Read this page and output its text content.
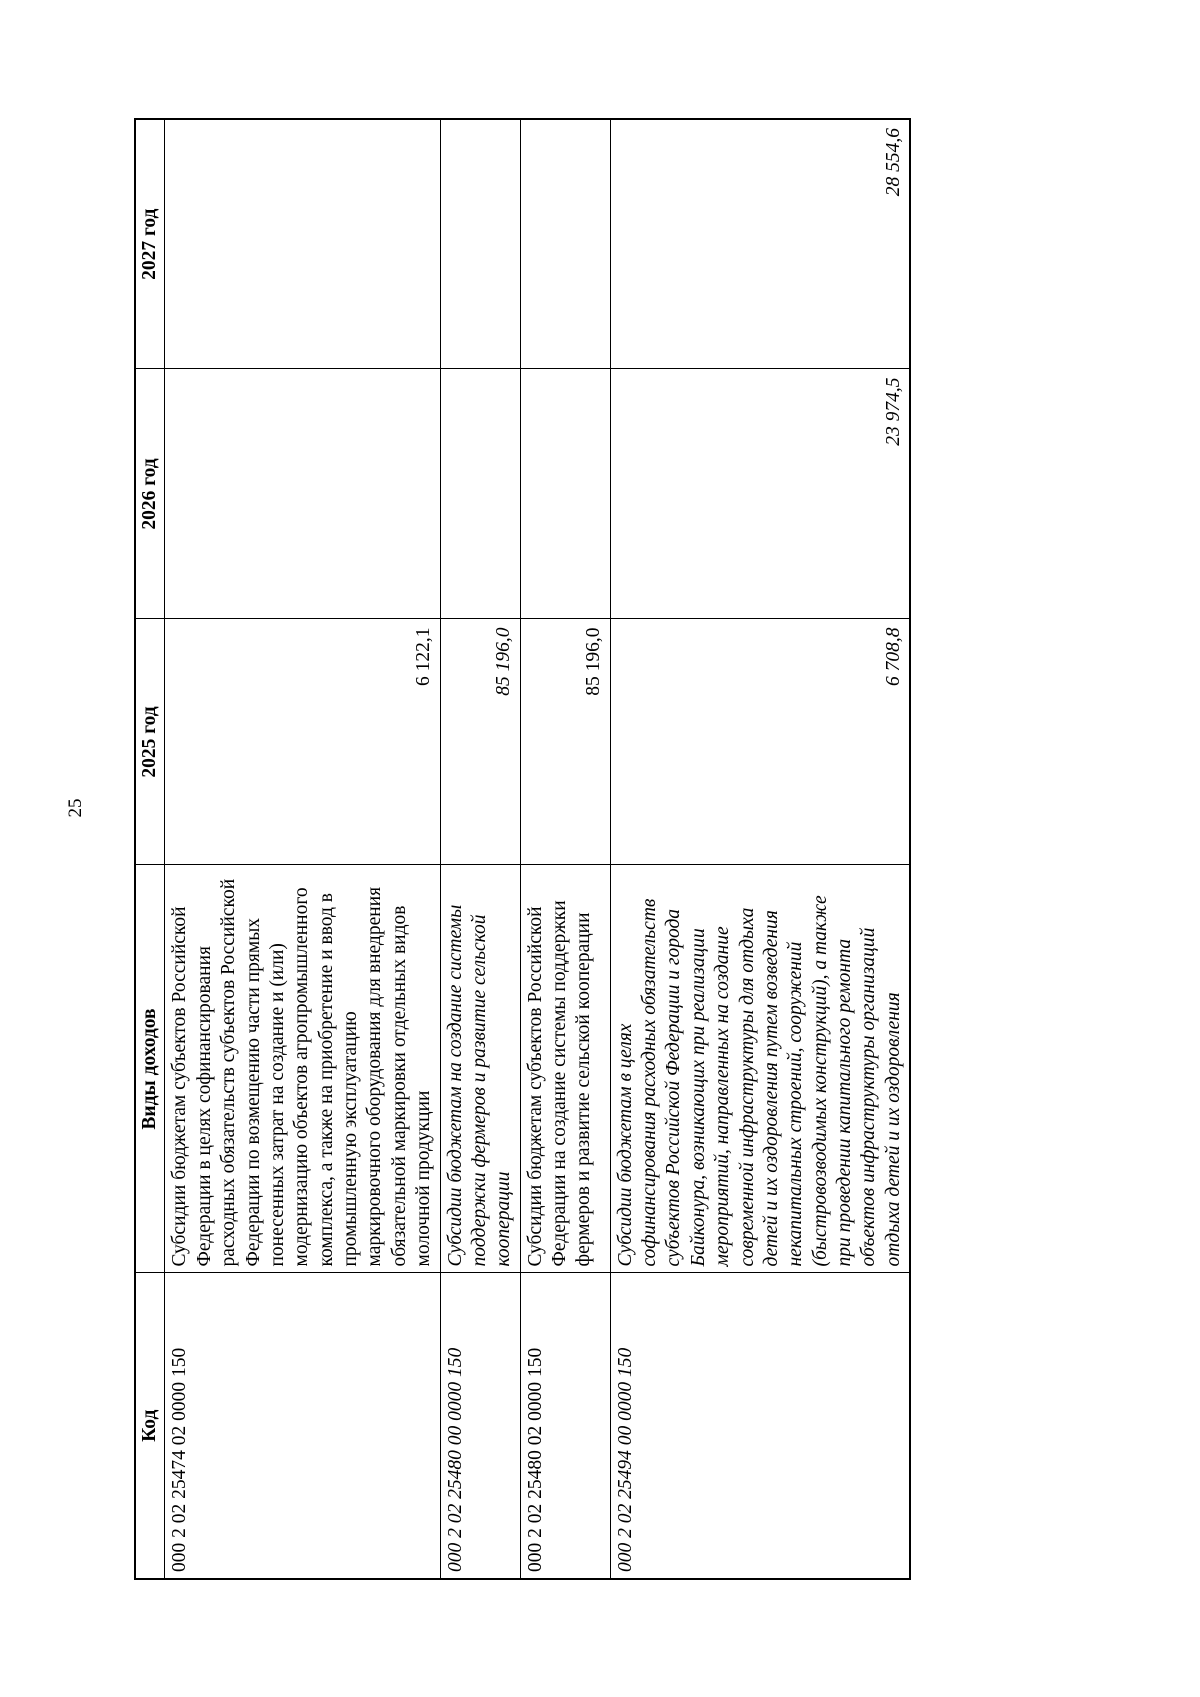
25
Код	Виды доходов	2025 год	2026 год	2027 год
000 2 02 25474 02 0000 150	Субсидии бюджетам субъектов Российской Федерации в целях софинансирования расходных обязательств субъектов Российской Федерации по возмещению части прямых понесенных затрат на создание и (или) модернизацию объектов агропромышленного комплекса, а также на приобретение и ввод в промышленную эксплуатацию маркировочного оборудования для внедрения обязательной маркировки отдельных видов молочной продукции	6 122,1		
000 2 02 25480 00 0000 150	Субсидии бюджетам на создание системы поддержки фермеров и развитие сельской кооперации	85 196,0		
000 2 02 25480 02 0000 150	Субсидии бюджетам субъектов Российской Федерации на создание системы поддержки фермеров и развитие сельской кооперации	85 196,0		
000 2 02 25494 00 0000 150	Субсидии бюджетам в целях софинансирования расходных обязательств субъектов Российской Федерации и города Байконура, возникающих при реализации мероприятий, направленных на создание современной инфраструктуры для отдыха детей и их оздоровления путем возведения некапитальных строений, сооружений (быстровозводимых конструкций), а также при проведении капитального ремонта объектов инфраструктуры организаций отдыха детей и их оздоровления	6 708,8	23 974,5	28 554,6
